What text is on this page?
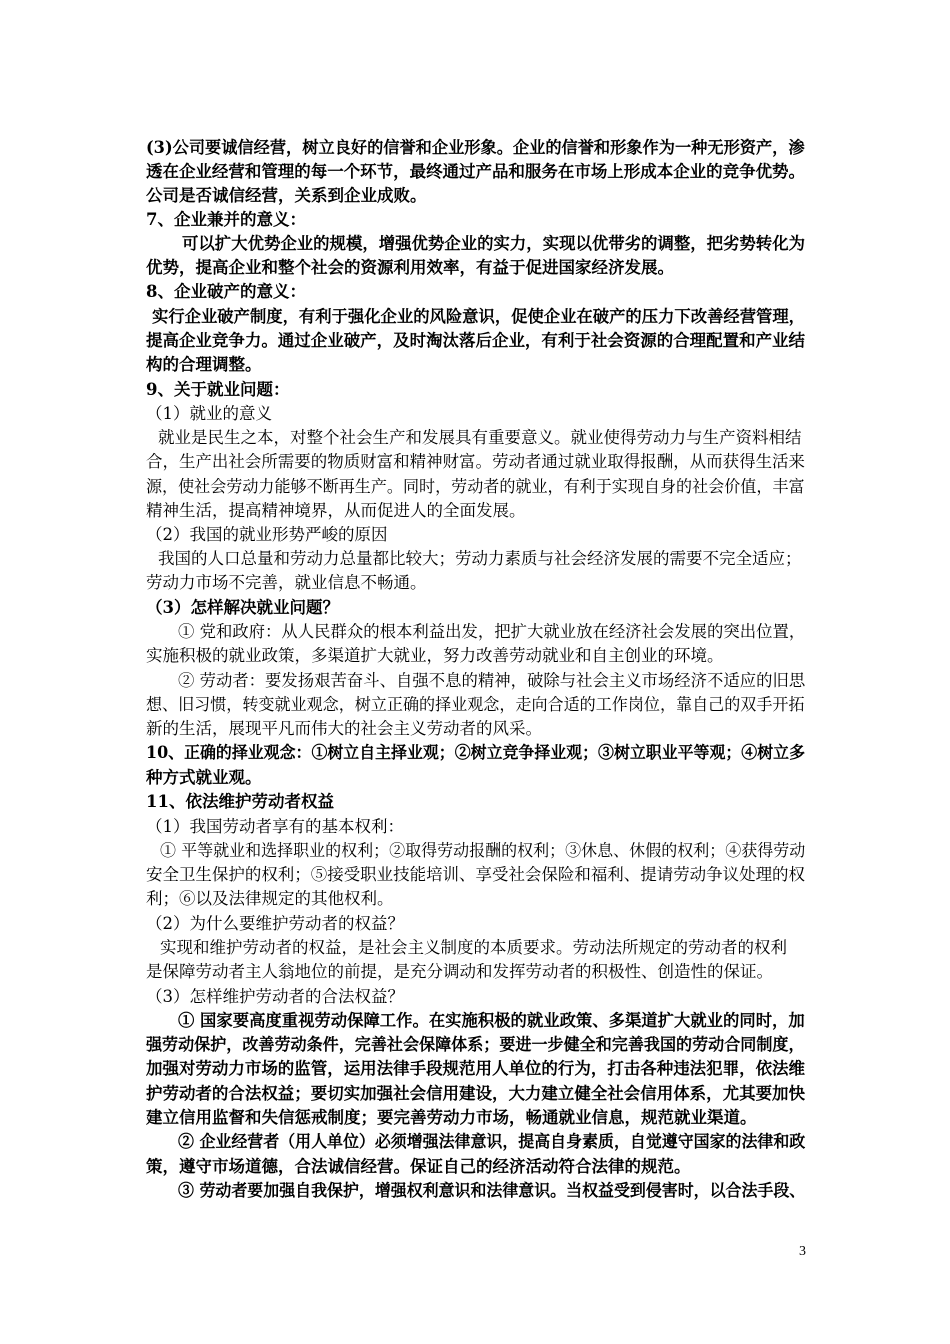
(3)公司要诚信经营，树立良好的信誉和企业形象。企业的信誉和形象作为一种无形资产，渗
透在企业经营和管理的每一个环节，最终通过产品和服务在市场上形成本企业的竞争优势。
公司是否诚信经营，关系到企业成败。
7、企业兼并的意义：
可以扩大优势企业的规模，增强优势企业的实力，实现以优带劣的调整，把劣势转化为
优势，提高企业和整个社会的资源利用效率，有益于促进国家经济发展。
8、企业破产的意义：
实行企业破产制度，有利于强化企业的风险意识，促使企业在破产的压力下改善经营管理，
提高企业竞争力。通过企业破产，及时淘汰落后企业，有利于社会资源的合理配置和产业结
构的合理调整。
9、关于就业问题：
（1）就业的意义
就业是民生之本，对整个社会生产和发展具有重要意义。就业使得劳动力与生产资料相结
合，生产出社会所需要的物质财富和精神财富。劳动者通过就业取得报酬，从而获得生活来
源，使社会劳动力能够不断再生产。同时，劳动者的就业，有利于实现自身的社会价值，丰富
精神生活，提高精神境界，从而促进人的全面发展。
（2）我国的就业形势严峻的原因
我国的人口总量和劳动力总量都比较大；劳动力素质与社会经济发展的需要不完全适应；
劳动力市场不完善，就业信息不畅通。
（3）怎样解决就业问题？
① 党和政府：从人民群众的根本利益出发，把扩大就业放在经济社会发展的突出位置，
实施积极的就业政策，多渠道扩大就业，努力改善劳动就业和自主创业的环境。
② 劳动者：要发扬艰苦奋斗、自强不息的精神，破除与社会主义市场经济不适应的旧思
想、旧习惯，转变就业观念，树立正确的择业观念，走向合适的工作岗位，靠自己的双手开拓
新的生活，展现平凡而伟大的社会主义劳动者的风采。
10、正确的择业观念：①树立自主择业观；②树立竞争择业观；③树立职业平等观；④树立多
种方式就业观。
11、依法维护劳动者权益
（1）我国劳动者享有的基本权利：
① 平等就业和选择职业的权利；②取得劳动报酬的权利；③休息、休假的权利；④获得劳动
安全卫生保护的权利；⑤接受职业技能培训、享受社会保险和福利、提请劳动争议处理的权
利；⑥以及法律规定的其他权利。
（2）为什么要维护劳动者的权益？
实现和维护劳动者的权益，是社会主义制度的本质要求。劳动法所规定的劳动者的权利
是保障劳动者主人翁地位的前提，是充分调动和发挥劳动者的积极性、创造性的保证。
（3）怎样维护劳动者的合法权益？
① 国家要高度重视劳动保障工作。在实施积极的就业政策、多渠道扩大就业的同时，加
强劳动保护，改善劳动条件，完善社会保障体系；要进一步健全和完善我国的劳动合同制度，
加强对劳动力市场的监管，运用法律手段规范用人单位的行为，打击各种违法犯罪，依法维
护劳动者的合法权益；要切实加强社会信用建设，大力建立健全社会信用体系，尤其要加快
建立信用监督和失信惩戒制度；要完善劳动力市场，畅通就业信息，规范就业渠道。
② 企业经营者（用人单位）必须增强法律意识，提高自身素质，自觉遵守国家的法律和政
策，遵守市场道德，合法诚信经营。保证自己的经济活动符合法律的规范。
③ 劳动者要加强自我保护，增强权利意识和法律意识。当权益受到侵害时，以合法手段、
3
